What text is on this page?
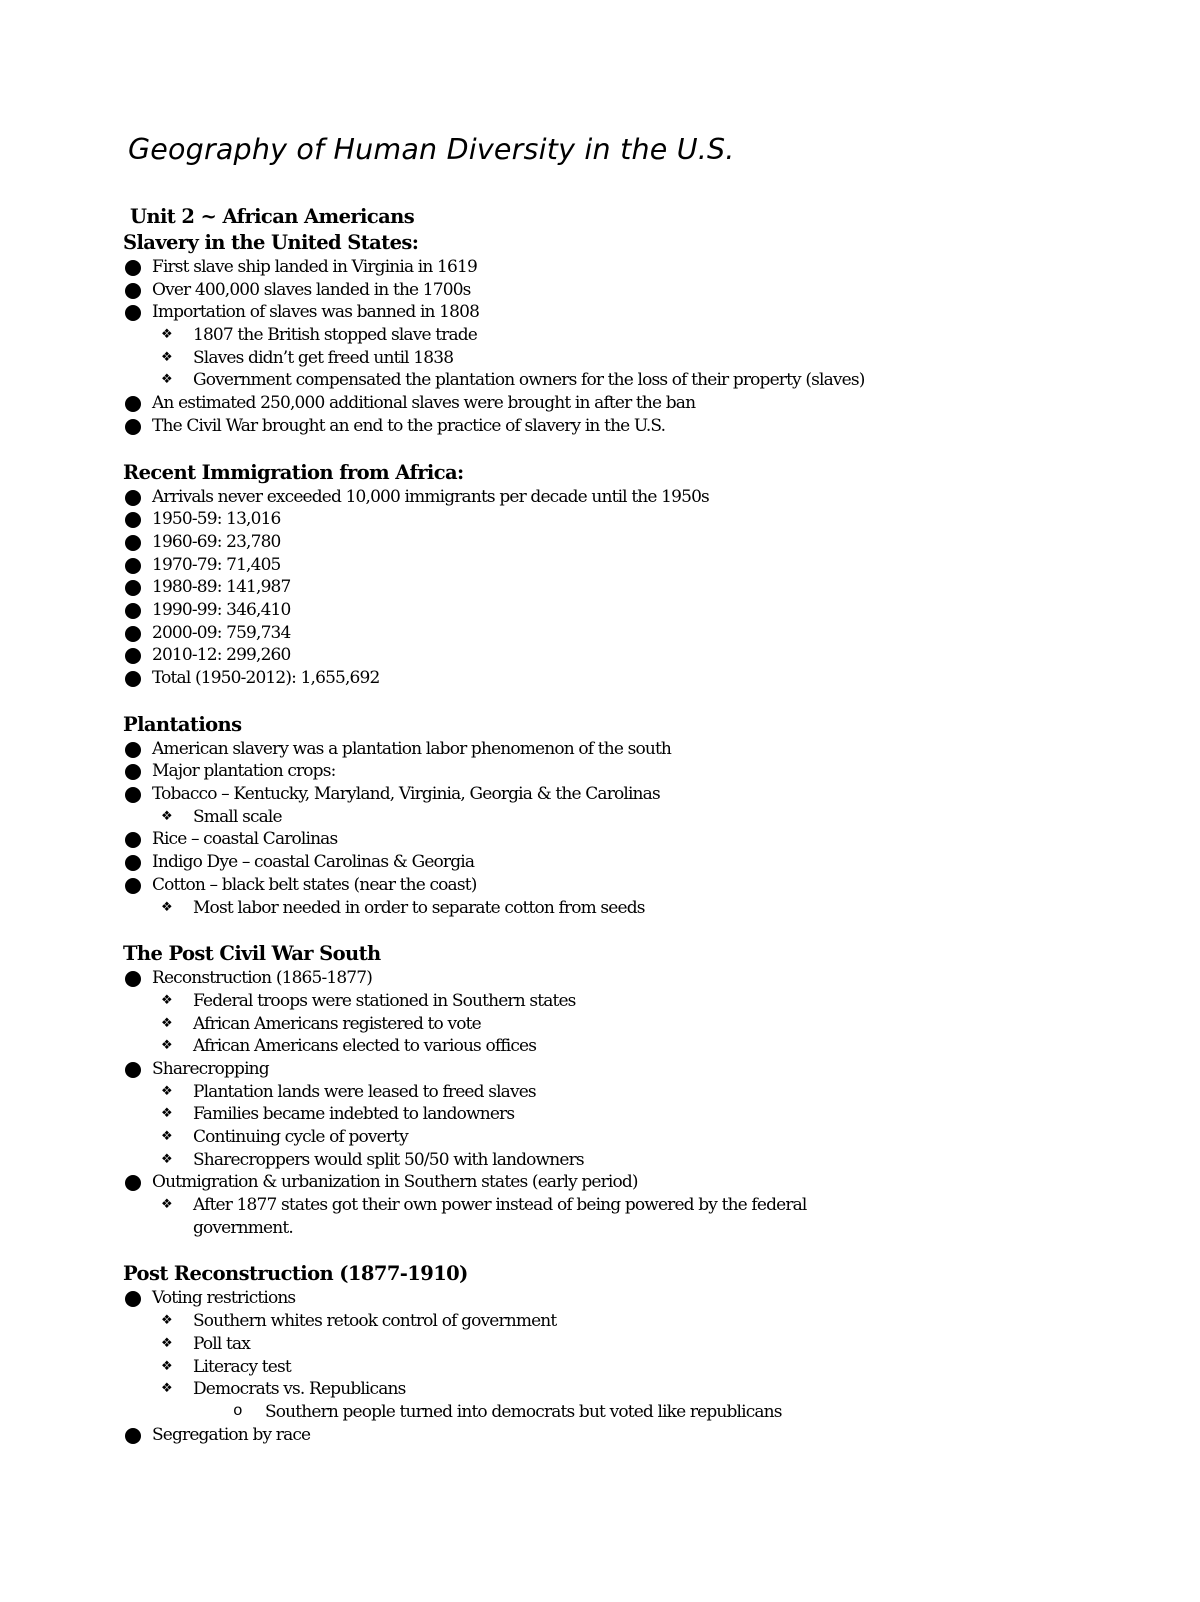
Geography of Human Diversity in the U.S.
Unit 2 ~ African Americans
Slavery in the United States:
First slave ship landed in Virginia in 1619
Over 400,000 slaves landed in the 1700s
Importation of slaves was banned in 1808
❖ 1807 the British stopped slave trade
❖ Slaves didn’t get freed until 1838
❖ Government compensated the plantation owners for the loss of their property (slaves)
An estimated 250,000 additional slaves were brought in after the ban
The Civil War brought an end to the practice of slavery in the U.S.
Recent Immigration from Africa:
Arrivals never exceeded 10,000 immigrants per decade until the 1950s
1950-59: 13,016
1960-69: 23,780
1970-79: 71,405
1980-89: 141,987
1990-99: 346,410
2000-09: 759,734
2010-12: 299,260
Total (1950-2012): 1,655,692
Plantations
American slavery was a plantation labor phenomenon of the south
Major plantation crops:
Tobacco – Kentucky, Maryland, Virginia, Georgia & the Carolinas
❖ Small scale
Rice – coastal Carolinas
Indigo Dye – coastal Carolinas & Georgia
Cotton – black belt states (near the coast)
❖ Most labor needed in order to separate cotton from seeds
The Post Civil War South
Reconstruction (1865-1877)
❖ Federal troops were stationed in Southern states
❖ African Americans registered to vote
❖ African Americans elected to various offices
Sharecropping
❖ Plantation lands were leased to freed slaves
❖ Families became indebted to landowners
❖ Continuing cycle of poverty
❖ Sharecroppers would split 50/50 with landowners
Outmigration & urbanization in Southern states (early period)
❖ After 1877 states got their own power instead of being powered by the federal government.
Post Reconstruction (1877-1910)
Voting restrictions
❖ Southern whites retook control of government
❖ Poll tax
❖ Literacy test
❖ Democrats vs. Republicans
o Southern people turned into democrats but voted like republicans
Segregation by race
